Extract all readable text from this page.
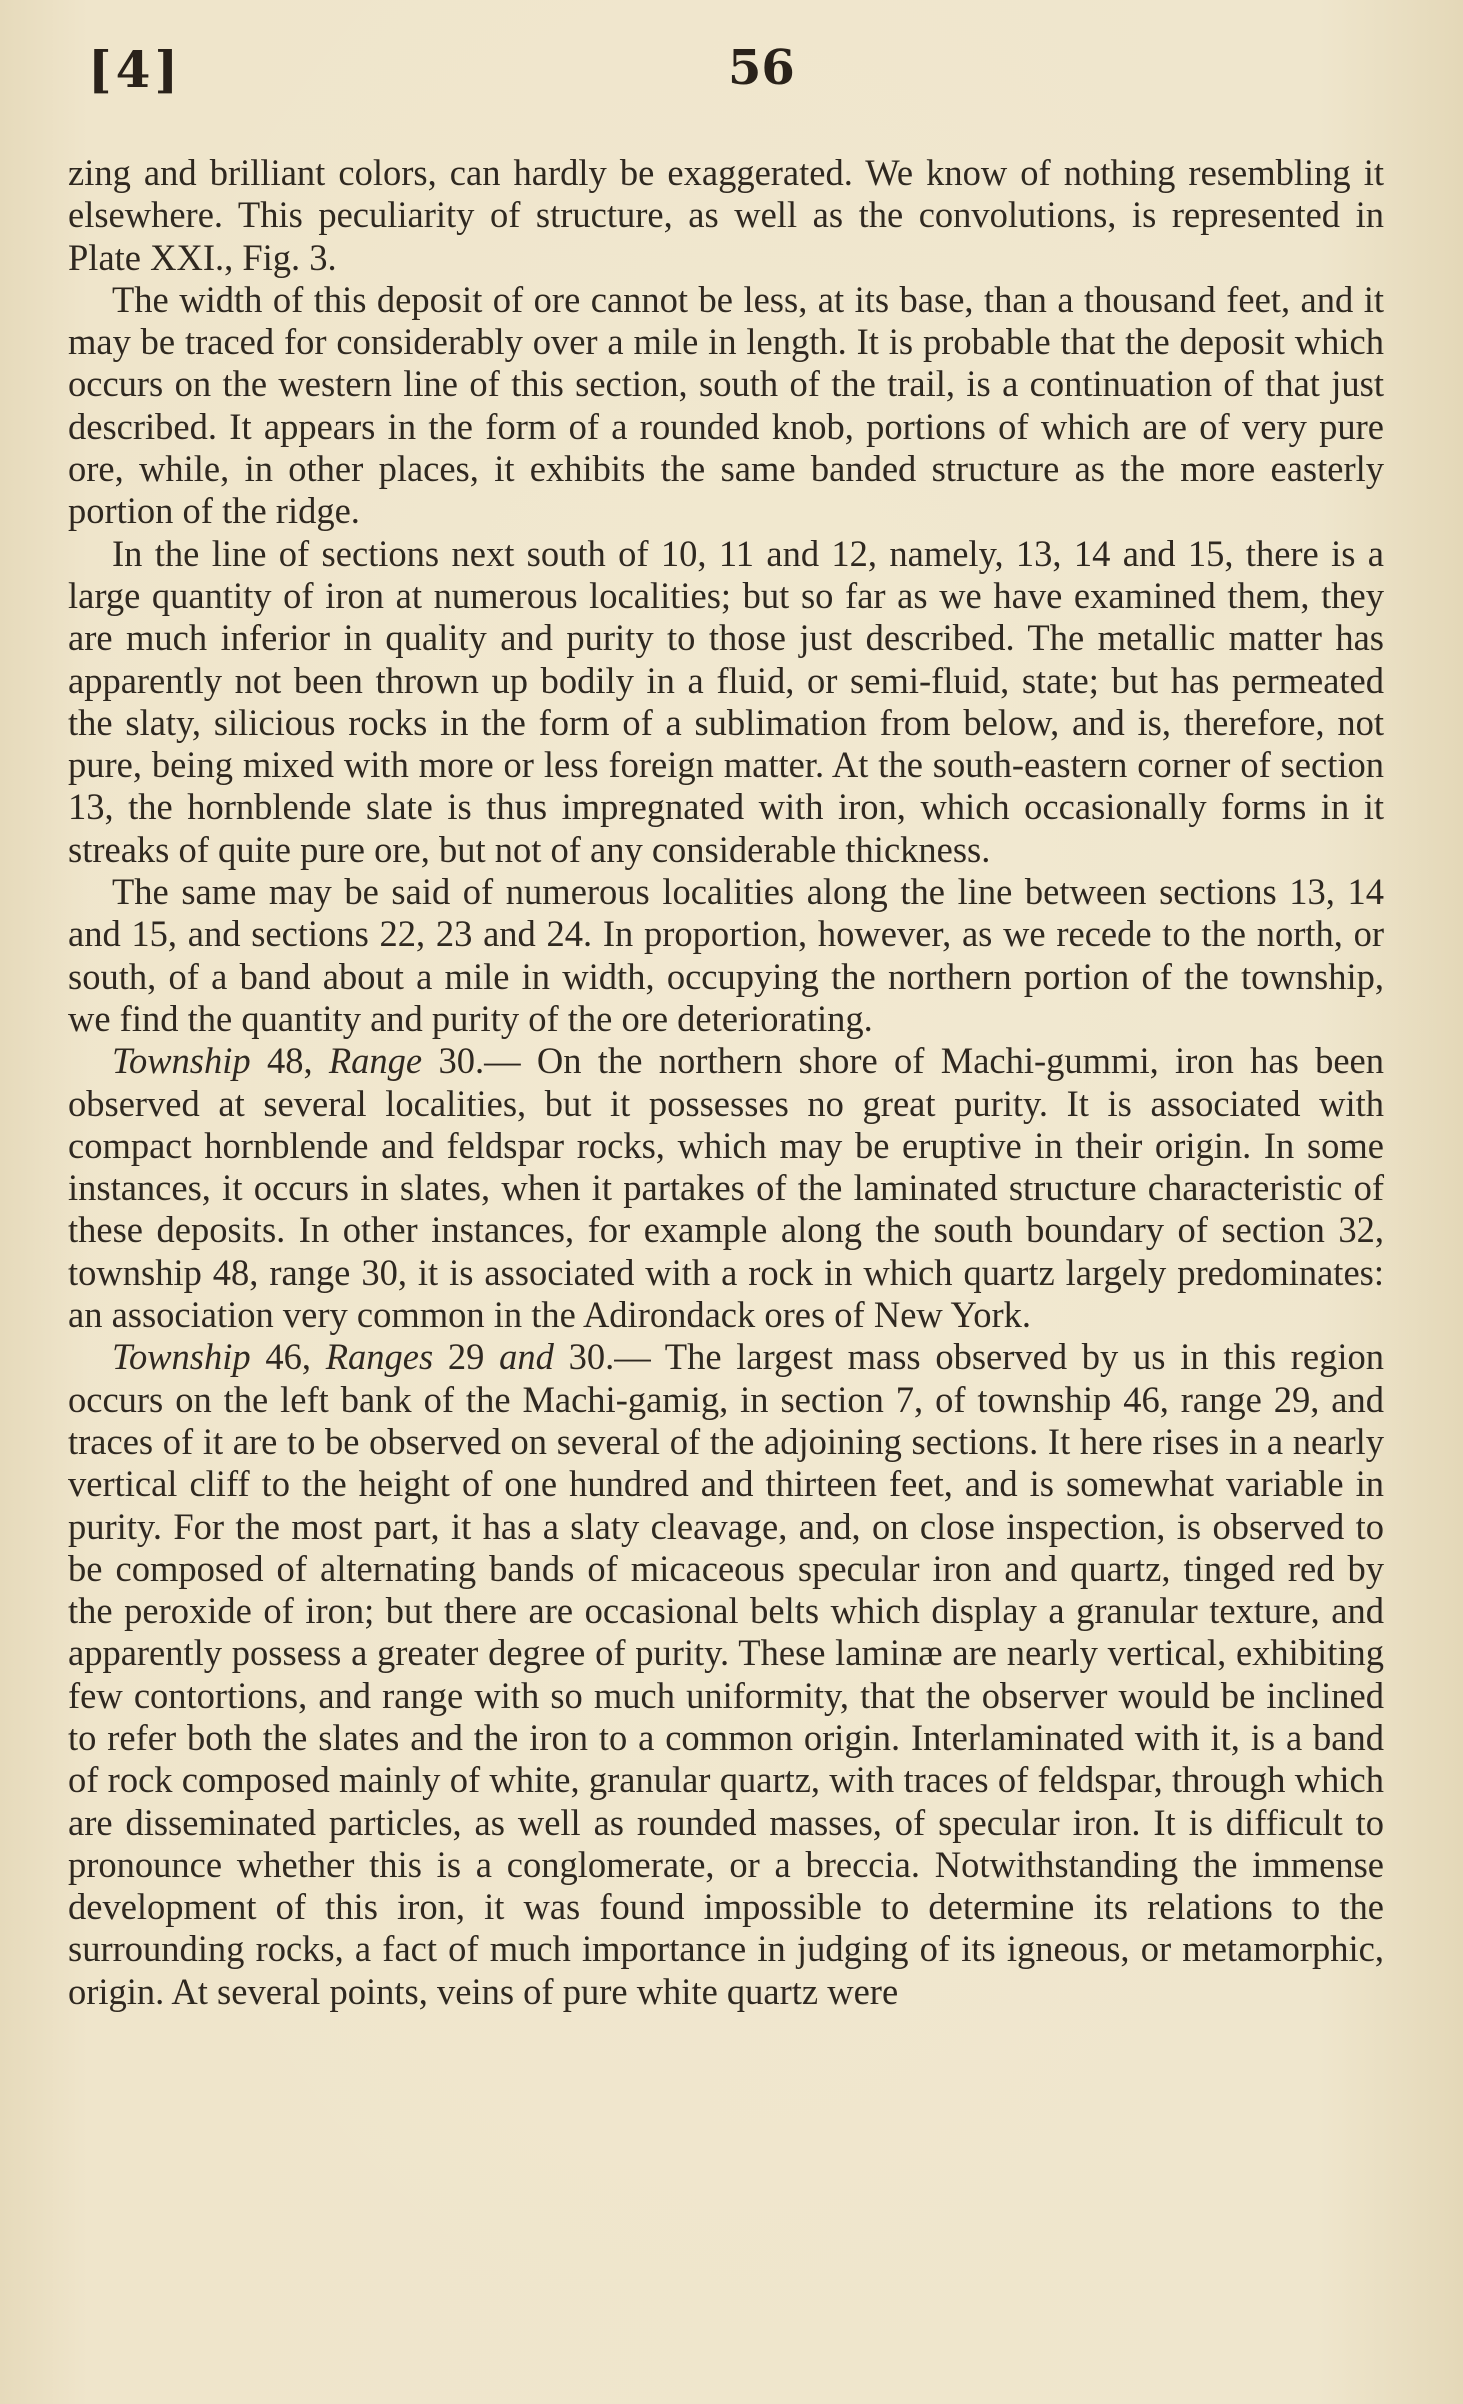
[4]	56

zing and brilliant colors, can hardly be exaggerated. We know of nothing resembling it elsewhere. This peculiarity of structure, as well as the convolutions, is represented in Plate XXI., Fig. 3.

The width of this deposit of ore cannot be less, at its base, than a thousand feet, and it may be traced for considerably over a mile in length. It is probable that the deposit which occurs on the western line of this section, south of the trail, is a continuation of that just described. It appears in the form of a rounded knob, portions of which are of very pure ore, while, in other places, it exhibits the same banded structure as the more easterly portion of the ridge.

In the line of sections next south of 10, 11 and 12, namely, 13, 14 and 15, there is a large quantity of iron at numerous localities; but so far as we have examined them, they are much inferior in quality and purity to those just described. The metallic matter has apparently not been thrown up bodily in a fluid, or semi-fluid, state; but has permeated the slaty, silicious rocks in the form of a sublimation from below, and is, therefore, not pure, being mixed with more or less foreign matter. At the south-eastern corner of section 13, the hornblende slate is thus impregnated with iron, which occasionally forms in it streaks of quite pure ore, but not of any considerable thickness.

The same may be said of numerous localities along the line between sections 13, 14 and 15, and sections 22, 23 and 24. In proportion, however, as we recede to the north, or south, of a band about a mile in width, occupying the northern portion of the township, we find the quantity and purity of the ore deteriorating.

Township 48, Range 30.— On the northern shore of Machi-gummi, iron has been observed at several localities, but it possesses no great purity. It is associated with compact hornblende and feldspar rocks, which may be eruptive in their origin. In some instances, it occurs in slates, when it partakes of the laminated structure characteristic of these deposits. In other instances, for example along the south boundary of section 32, township 48, range 30, it is associated with a rock in which quartz largely predominates: an association very common in the Adirondack ores of New York.

Township 46, Ranges 29 and 30.— The largest mass observed by us in this region occurs on the left bank of the Machi-gamig, in section 7, of township 46, range 29, and traces of it are to be observed on several of the adjoining sections. It here rises in a nearly vertical cliff to the height of one hundred and thirteen feet, and is somewhat variable in purity. For the most part, it has a slaty cleavage, and, on close inspection, is observed to be composed of alternating bands of micaceous specular iron and quartz, tinged red by the peroxide of iron; but there are occasional belts which display a granular texture, and apparently possess a greater degree of purity. These laminæ are nearly vertical, exhibiting few contortions, and range with so much uniformity, that the observer would be inclined to refer both the slates and the iron to a common origin. Interlaminated with it, is a band of rock composed mainly of white, granular quartz, with traces of feldspar, through which are disseminated particles, as well as rounded masses, of specular iron. It is difficult to pronounce whether this is a conglomerate, or a breccia. Notwithstanding the immense development of this iron, it was found impossible to determine its relations to the surrounding rocks, a fact of much importance in judging of its igneous, or metamorphic, origin. At several points, veins of pure white quartz were
